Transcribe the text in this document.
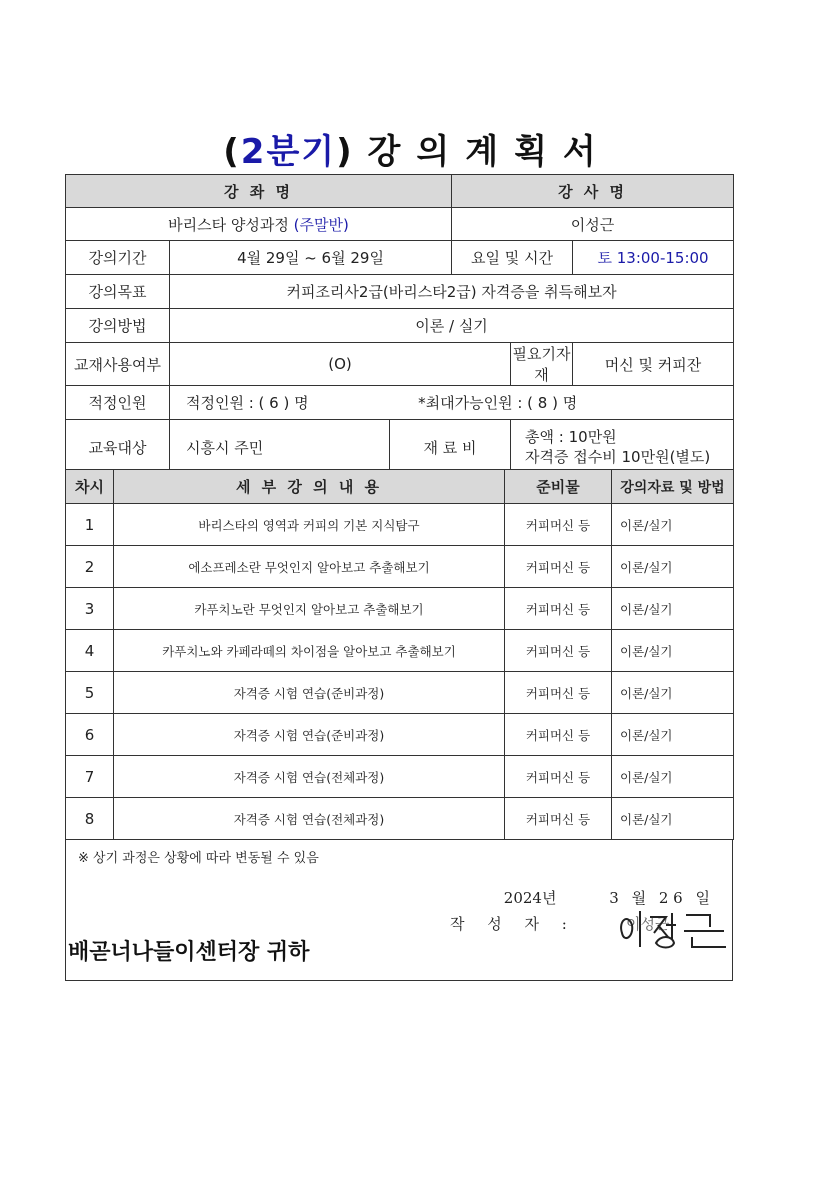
(2분기) 강의계획서
강 좌 명			강 사 명		
바리스타 양성과정 (주말반)			이성근		
강의기간	4월 29일 ~ 6월 29일		요일 및 시간		토 13:00-15:00
강의목표	커피조리사2급(바리스타2급) 자격증을 취득해보자				
강의방법	이론 / 실기				
교재사용여부	(O)			필요기자재	머신 및 커피잔
적정인원	적정인원 : ( 6 ) 명 *최대가능인원 : ( 8 ) 명				
교육대상	시흥시 주민	재 료 비		총액 : 10만원
자격증 접수비 10만원(별도)	
차시	세 부 강 의 내 용	준비물	강의자료 및 방법
1	바리스타의 영역과 커피의 기본 지식탐구	커피머신 등	이론/실기
2	에소프레소란 무엇인지 알아보고 추출해보기	커피머신 등	이론/실기
3	카푸치노란 무엇인지 알아보고 추출해보기	커피머신 등	이론/실기
4	카푸치노와 카페라떼의 차이점을 알아보고 추출해보기	커피머신 등	이론/실기
5	자격증 시험 연습(준비과정)	커피머신 등	이론/실기
6	자격증 시험 연습(준비과정)	커피머신 등	이론/실기
7	자격증 시험 연습(전체과정)	커피머신 등	이론/실기
8	자격증 시험 연습(전체과정)	커피머신 등	이론/실기
※ 상기 과정은 상황에 따라 변동될 수 있음
2024년	3 월 2 6 일
작 성 자 :	이성근
배곧너나들이센터장 귀하
